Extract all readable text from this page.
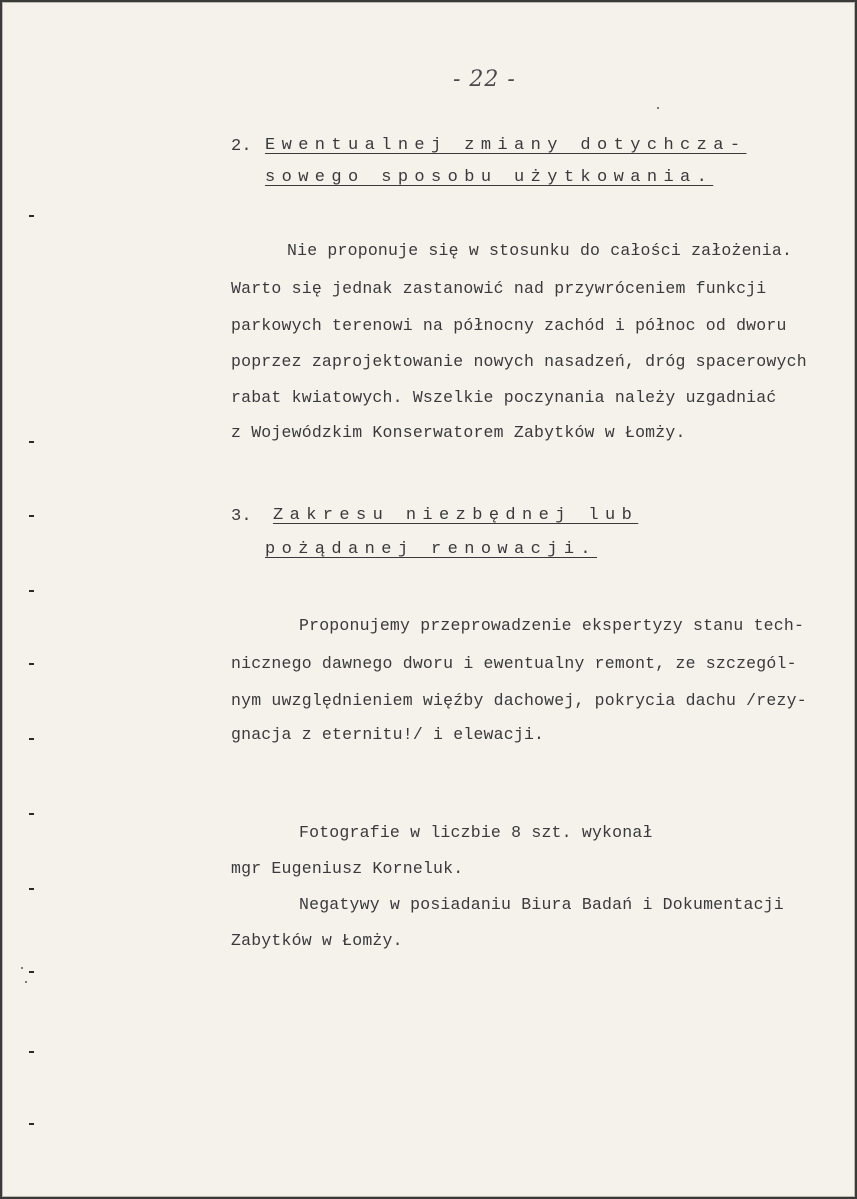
- 22 -
2. Ewentualnej zmiany dotychcza-
sowego sposobu użytkowania.
Nie proponuje się w stosunku do całości założenia.
Warto się jednak zastanowić nad przywróceniem funkcji
parkowych terenowi na północny zachód i północ od dworu
poprzez zaprojektowanie nowych nasadzeń, dróg spacerowych
rabat kwiatowych. Wszelkie poczynania należy uzgadniać
z Wojewódzkim Konserwatorem Zabytków w Łomży.
3. Zakresu niezbędnej lub
pożądanej renowacji.
Proponujemy przeprowadzenie ekspertyzy stanu tech-
nicznego dawnego dworu i ewentualny remont, ze szczegól-
nym uwzględnieniem więźby dachowej, pokrycia dachu /rezy-
gnacja z eternitu!/ i elewacji.
Fotografie w liczbie 8 szt. wykonał
mgr Eugeniusz Korneluk.
Negatywy w posiadaniu Biura Badań i Dokumentacji
Zabytków w Łomży.
